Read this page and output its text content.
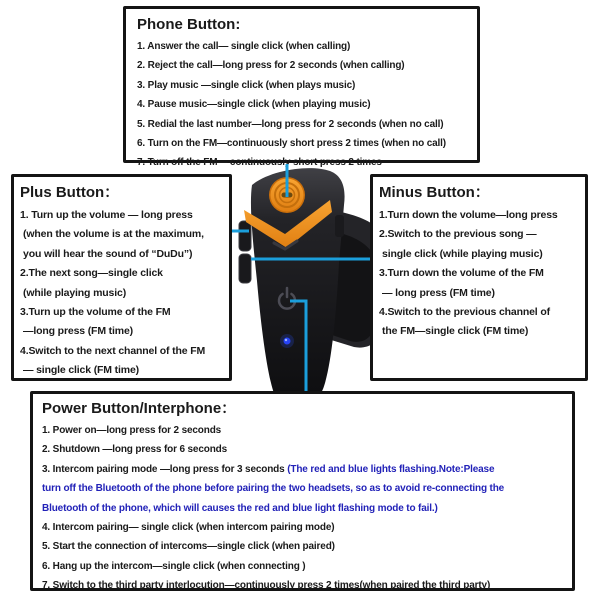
Phone Button:
1. Answer the call— single click (when calling)
2. Reject the call—long press for 2 seconds (when calling)
3. Play music —single click (when plays music)
4. Pause music—single click (when playing music)
5. Redial the last number—long press for 2 seconds (when no call)
6. Turn on the FM—continuously short press 2 times (when no call)
7. Turn off the FM— continuously short press 2 times
Plus Button：
1. Turn up the volume — long press
(when the volume is at the maximum,
you will hear the sound of “DuDu”)
2.The next song—single click
(while playing music)
3.Turn up the volume of the FM
—long press (FM time)
4.Switch to the next channel of the FM
— single click (FM time)
Minus Button：
1.Turn down the volume—long press
2.Switch to the previous song —
single click (while playing music)
3.Turn down the volume of the FM
— long press (FM time)
4.Switch to the previous channel of
the FM—single click (FM time)
Power Button/Interphone：
1. Power on—long press for 2 seconds
2. Shutdown —long press for 6 seconds
3. Intercom pairing mode —long press for 3 seconds (The red and blue lights flashing.Note:Please
turn off the Bluetooth of the phone before pairing the two headsets, so as to avoid re-connecting the
Bluetooth of the phone, which will causes the red and blue light flashing mode to fail.)
4. Intercom pairing— single click (when intercom pairing mode)
5. Start the connection of intercoms—single click (when paired)
6. Hang up the intercom—single click (when connecting )
7. Switch to the third party interlocution—continuously press 2 times(when paired the third party)
